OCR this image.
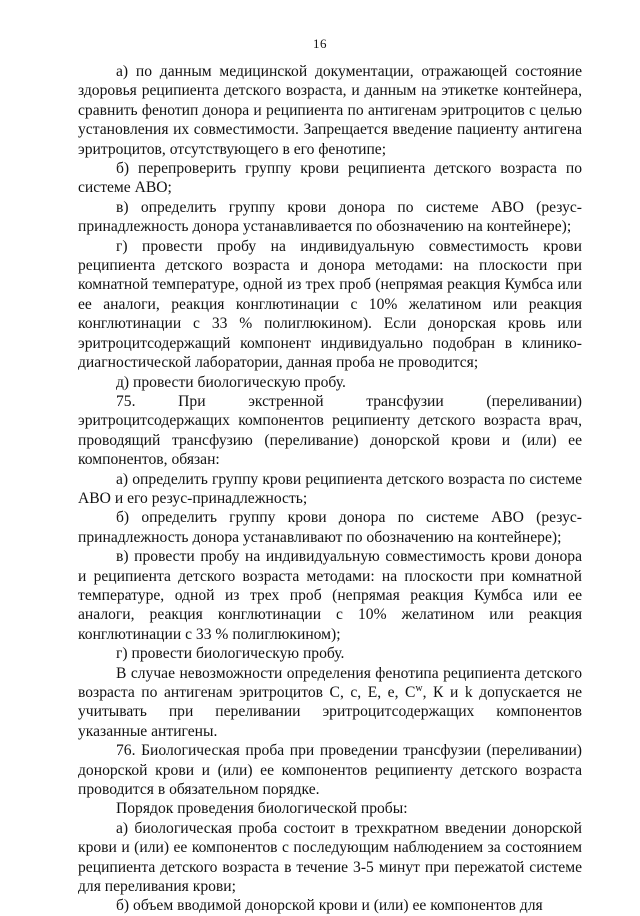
16

а) по данным медицинской документации, отражающей состояние здоровья реципиента детского возраста, и данным на этикетке контейнера, сравнить фенотип донора и реципиента по антигенам эритроцитов с целью установления их совместимости. Запрещается введение пациенту антигена эритроцитов, отсутствующего в его фенотипе;

б) перепроверить группу крови реципиента детского возраста по системе АВО;

в) определить группу крови донора по системе АВО (резус-принадлежность донора устанавливается по обозначению на контейнере);

г) провести пробу на индивидуальную совместимость крови реципиента детского возраста и донора методами: на плоскости при комнатной температуре, одной из трех проб (непрямая реакция Кумбса или ее аналоги, реакция конглютинации с 10% желатином или реакция конглютинации с 33 % полиглюкином). Если донорская кровь или эритроцитсодержащий компонент индивидуально подобран в клинико-диагностической лаборатории, данная проба не проводится;

д) провести биологическую пробу.

75. При экстренной трансфузии (переливании) эритроцитсодержащих компонентов реципиенту детского возраста врач, проводящий трансфузию (переливание) донорской крови и (или) ее компонентов, обязан:

а) определить группу крови реципиента детского возраста по системе АВО и его резус-принадлежность;

б) определить группу крови донора по системе АВО (резус-принадлежность донора устанавливают по обозначению на контейнере);

в) провести пробу на индивидуальную совместимость крови донора и реципиента детского возраста методами: на плоскости при комнатной температуре, одной из трех проб (непрямая реакция Кумбса или ее аналоги, реакция конглютинации с 10% желатином или реакция конглютинации с 33 % полиглюкином);

г) провести биологическую пробу.

В случае невозможности определения фенотипа реципиента детского возраста по антигенам эритроцитов С, с, Е, е, $С^w$, К и k допускается не учитывать при переливании эритроцитсодержащих компонентов указанные антигены.

76. Биологическая проба при проведении трансфузии (переливании) донорской крови и (или) ее компонентов реципиенту детского возраста проводится в обязательном порядке.

Порядок проведения биологической пробы:

а) биологическая проба состоит в трехкратном введении донорской крови и (или) ее компонентов с последующим наблюдением за состоянием реципиента детского возраста в течение 3-5 минут при пережатой системе для переливания крови;

б) объем вводимой донорской крови и (или) ее компонентов для
